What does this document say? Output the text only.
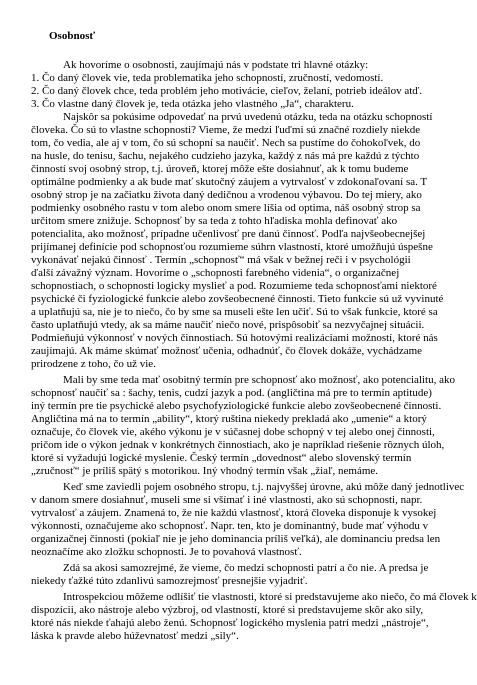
Osobnosť
Ak hovoríme o osobnosti, zaujímajú nás v podstate tri hlavné otázky:
1. Čo daný človek vie, teda problematika jeho schopností, zručností, vedomostí.
2. Čo daný človek chce, teda problém jeho motivácie, cieľov, želaní, potrieb ideálov atď.
3. Čo vlastne daný človek je, teda otázka jeho vlastného „Ja“, charakteru.
Najskôr sa pokúsime odpovedať na prvú uvedenú otázku, teda na otázku schopností
človeka. Čo sú to vlastne schopnosti? Vieme, že medzi ľuďmi sú značné rozdiely niekde
tom, čo vedia, ale aj v tom, čo sú schopní sa naučiť. Nech sa pustíme do čohokoľvek, do
na husle, do tenisu, šachu, nejakého cudzieho jazyka, každý z nás má pre každú z týchto
činností svoj osobný strop, t.j. úroveň, ktorej môže ešte dosiahnuť, ak k tomu budeme
optimálne podmienky a ak bude mať skutočný záujem a vytrvalosť v zdokonaľovaní sa. T
osobný strop je na začiatku života daný dedičnou a vrodenou výbavou. Do tej miery, ako
podmienky osobného rastu v tom alebo onom smere líšia od optima, náš osobný strop sa
určitom smere znižuje. Schopnosť by sa teda z tohto hľadiska mohla definovať ako
potencialita, ako možnosť, prípadne učenlivosť pre danú činnosť. Podľa najvšeobecnejšej
prijímanej definície pod schopnosťou rozumieme súhrn vlastností, ktoré umožňujú úspešne
vykonávať nejakú činnosť . Termín „schopnosť“ má však v bežnej reči i v psychológii
ďalší závažný význam. Hovoríme o „schopnosti farebného videnia“, o organizačnej
schopnostiach, o schopnosti logicky myslieť a pod. Rozumieme teda schopnosťami niektoré
psychické či fyziologické funkcie alebo zovšeobecnené činnosti. Tieto funkcie sú už vyvinuté
a uplatňujú sa, nie je to niečo, čo by sme sa museli ešte len učiť. Sú to však funkcie, ktoré sa
často uplatňujú vtedy, ak sa máme naučiť niečo nové, prispôsobiť sa nezvyčajnej situácii.
Podmieňujú výkonnosť v nových činnostiach. Sú hotovými realizáciami možností, ktoré nás
zaujímajú. Ak máme skúmať možnosť učenia, odhadnúť, čo človek dokáže, vychádzame
prirodzene z toho, čo už vie.
Mali by sme teda mať osobitný termín pre schopnosť ako možnosť, ako potencialitu, ako
schopnosť naučiť sa : šachy, tenis, cudzí jazyk a pod. (angličtina má pre to termín aptitude)
iný termín pre tie psychické alebo psychofyziologické funkcie alebo zovšeobecnené činnosti.
Angličtina má na to termín „ability“, ktorý ruština niekedy prekladá ako „umenie“ a ktorý
označuje, čo človek vie, akého výkonu je v súčasnej dobe schopný v tej alebo onej činnosti,
pričom ide o výkon jednak v konkrétnych činnostiach, ako je napríklad riešenie rôznych úloh,
ktoré si vyžadujú logické myslenie. Český termín „dovednost“ alebo slovenský termín
„zručnosť“ je príliš spätý s motorikou. Iný vhodný termín však „žiaľ, nemáme.
Keď sme zaviedli pojem osobného stropu, t.j. najvyššej úrovne, akú môže daný jednotlivec
v danom smere dosiahnuť, museli sme si všímať i iné vlastnosti, ako sú schopnosti, napr.
vytrvalosť a záujem. Znamená to, že nie každú vlastnosť, ktorá človeka disponuje k vysokej
výkonnosti, označujeme ako schopnosť. Napr. ten, kto je dominantný, bude mať výhodu v
organizačnej činnosti (pokiaľ nie je jeho dominancia príliš veľká), ale dominanciu predsa len
neoznačíme ako zložku schopnosti. Je to povahová vlastnosť.
Zdá sa akosi samozrejmé, že vieme, čo medzi schopnosti patrí a čo nie. A predsa je
niekedy ťažké túto zdanlivú samozrejmosť presnejšie vyjadriť.
Introspekciou môžeme odlíšiť tie vlastnosti, ktoré si predstavujeme ako niečo, čo má človek k
dispozícii, ako nástroje alebo výzbroj, od vlastností, ktoré si predstavujeme skôr ako sily,
ktoré nás niekde ťahajú alebo ženú. Schopnosť logického myslenia patrí medzi „nástroje“,
láska k pravde alebo húževnatosť medzi „sily“.
